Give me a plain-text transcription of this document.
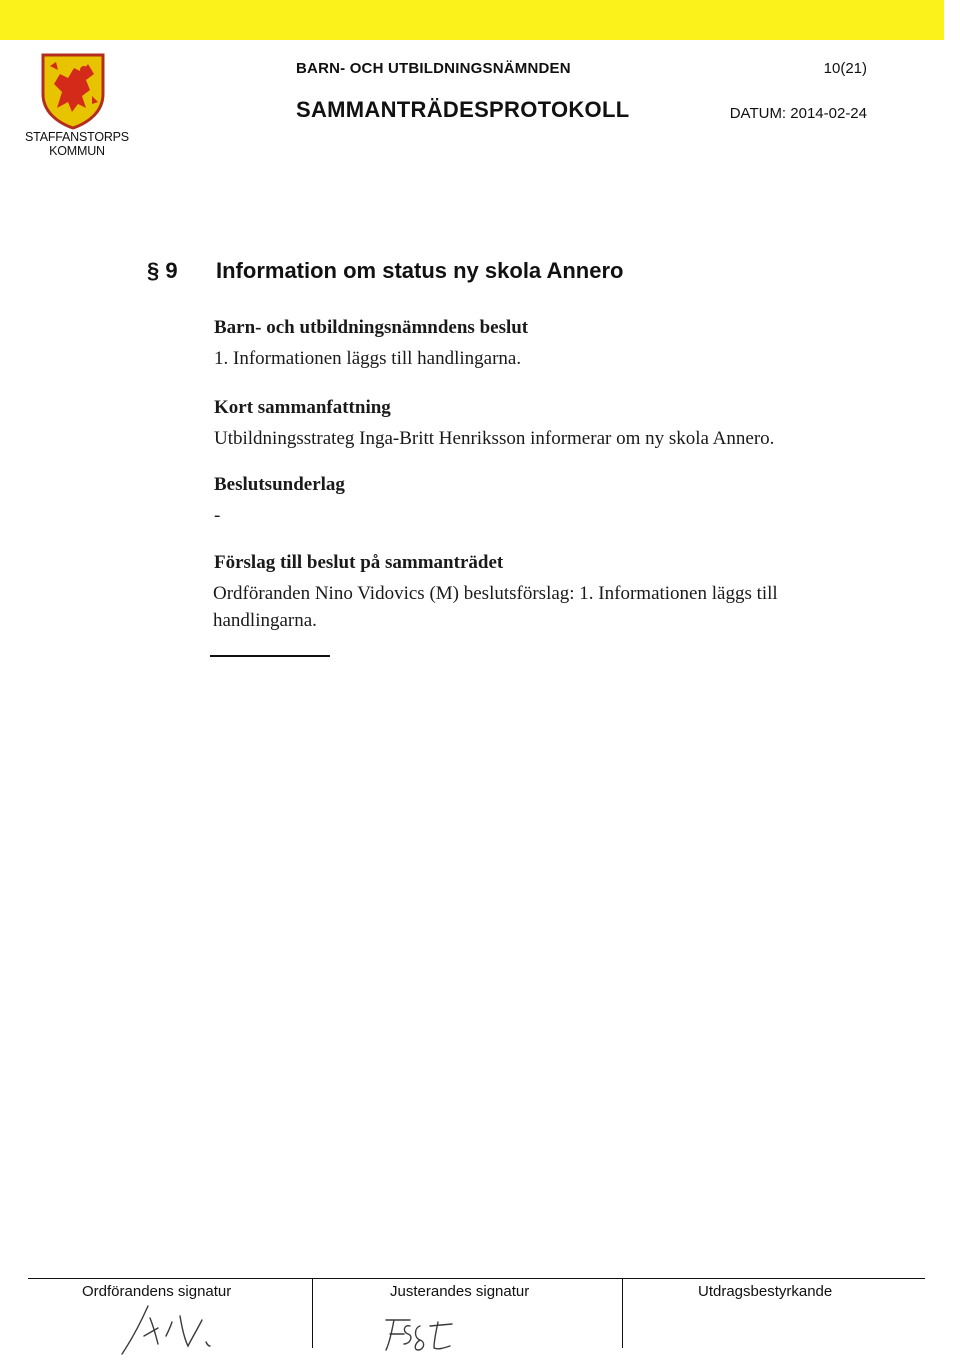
STAFFANSTORPS KOMMUN
BARN- OCH UTBILDNINGSNÄMNDEN	10(21)
SAMMANTRÄDESPROTOKOLL	DATUM: 2014-02-24
§ 9 Information om status ny skola Annero
Barn- och utbildningsnämndens beslut
1. Informationen läggs till handlingarna.
Kort sammanfattning
Utbildningsstrateg Inga-Britt Henriksson informerar om ny skola Annero.
Beslutsunderlag
-
Förslag till beslut på sammanträdet
Ordföranden Nino Vidovics (M) beslutsförslag: 1. Informationen läggs till
handlingarna.
Ordförandens signatur	Justerandes signatur	Utdragsbestyrkande
